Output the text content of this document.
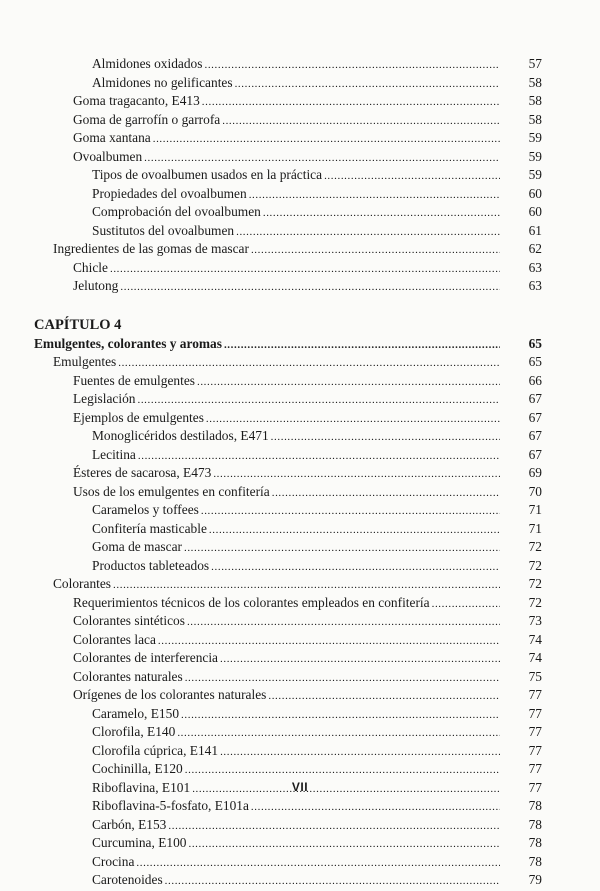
Almidones oxidados .....	57
Almidones no gelificantes .....	58
Goma tragacanto, E413 .....	58
Goma de garrofín o garrofa .....	58
Goma xantana .....	59
Ovoalbumen .....	59
Tipos de ovoalbumen usados en la práctica .....	59
Propiedades del ovoalbumen .....	60
Comprobación del ovoalbumen .....	60
Sustitutos del ovoalbumen .....	61
Ingredientes de las gomas de mascar .....	62
Chicle .....	63
Jelutong .....	63
CAPÍTULO 4
Emulgentes, colorantes y aromas .....	65
Emulgentes .....	65
Fuentes de emulgentes .....	66
Legislación .....	67
Ejemplos de emulgentes .....	67
Monoglicéridos destilados, E471 .....	67
Lecitina .....	67
Ésteres de sacarosa, E473 .....	69
Usos de los emulgentes en confitería .....	70
Caramelos y toffees .....	71
Confitería masticable .....	71
Goma de mascar .....	72
Productos tableteados .....	72
Colorantes .....	72
Requerimientos técnicos de los colorantes empleados en confitería .....	72
Colorantes sintéticos .....	73
Colorantes laca .....	74
Colorantes de interferencia .....	74
Colorantes naturales .....	75
Orígenes de los colorantes naturales .....	77
Caramelo, E150 .....	77
Clorofila, E140 .....	77
Clorofila cúprica, E141 .....	77
Cochinilla, E120 .....	77
Riboflavina, E101 .....	77
Riboflavina-5-fosfato, E101a .....	78
Carbón, E153 .....	78
Curcumina, E100 .....	78
Crocina .....	78
Carotenoides .....	79
VII
